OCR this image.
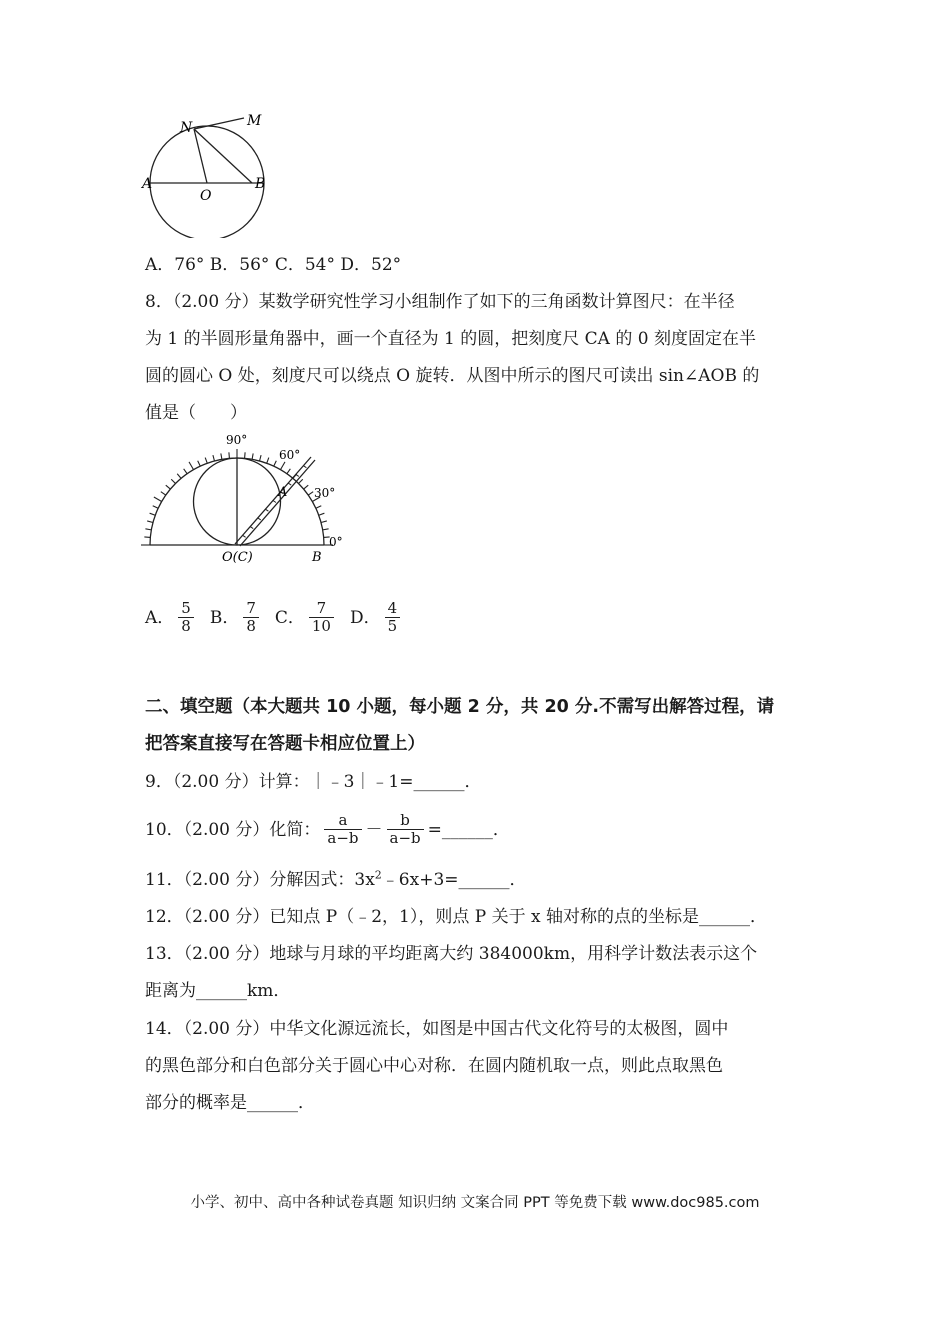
N	M
A
O
B
A．76° B．56° C．54° D．52°
8．（2.00 分）某数学研究性学习小组制作了如下的三角函数计算图尺：在半径
为 1 的半圆形量角器中，画一个直径为 1 的圆，把刻度尺 CA 的 0 刻度固定在半
圆的圆心 O 处，刻度尺可以绕点 O 旋转．从图中所示的图尺可读出 sin∠AOB 的
值是（　　）
90°
60°
30°
0°
A
O(C)	B
A． $\frac{5}{8}$ B． $\frac{7}{8}$ C． $\frac{7}{10}$ D． $\frac{4}{5}$
二、填空题（本大题共 10 小题，每小题 2 分，共 20 分.不需写出解答过程，请
把答案直接写在答题卡相应位置上）
9．（2.00 分）计算：｜﹣3｜﹣1=______．
10．（2.00 分）化简： $\frac{a}{a-b} - \frac{b}{a-b}$ =______．
11．（2.00 分）分解因式：$3x^2﹣6x+3=\_\_\_\_\_\_$．
12．（2.00 分）已知点 P（﹣2，1），则点 P 关于 x 轴对称的点的坐标是______．
13．（2.00 分）地球与月球的平均距离大约 384000km，用科学计数法表示这个
距离为______km．
14．（2.00 分）中华文化源远流长，如图是中国古代文化符号的太极图，圆中
的黑色部分和白色部分关于圆心中心对称．在圆内随机取一点，则此点取黑色
部分的概率是______．
小学、初中、高中各种试卷真题 知识归纳 文案合同 PPT 等免费下载 www.doc985.com
